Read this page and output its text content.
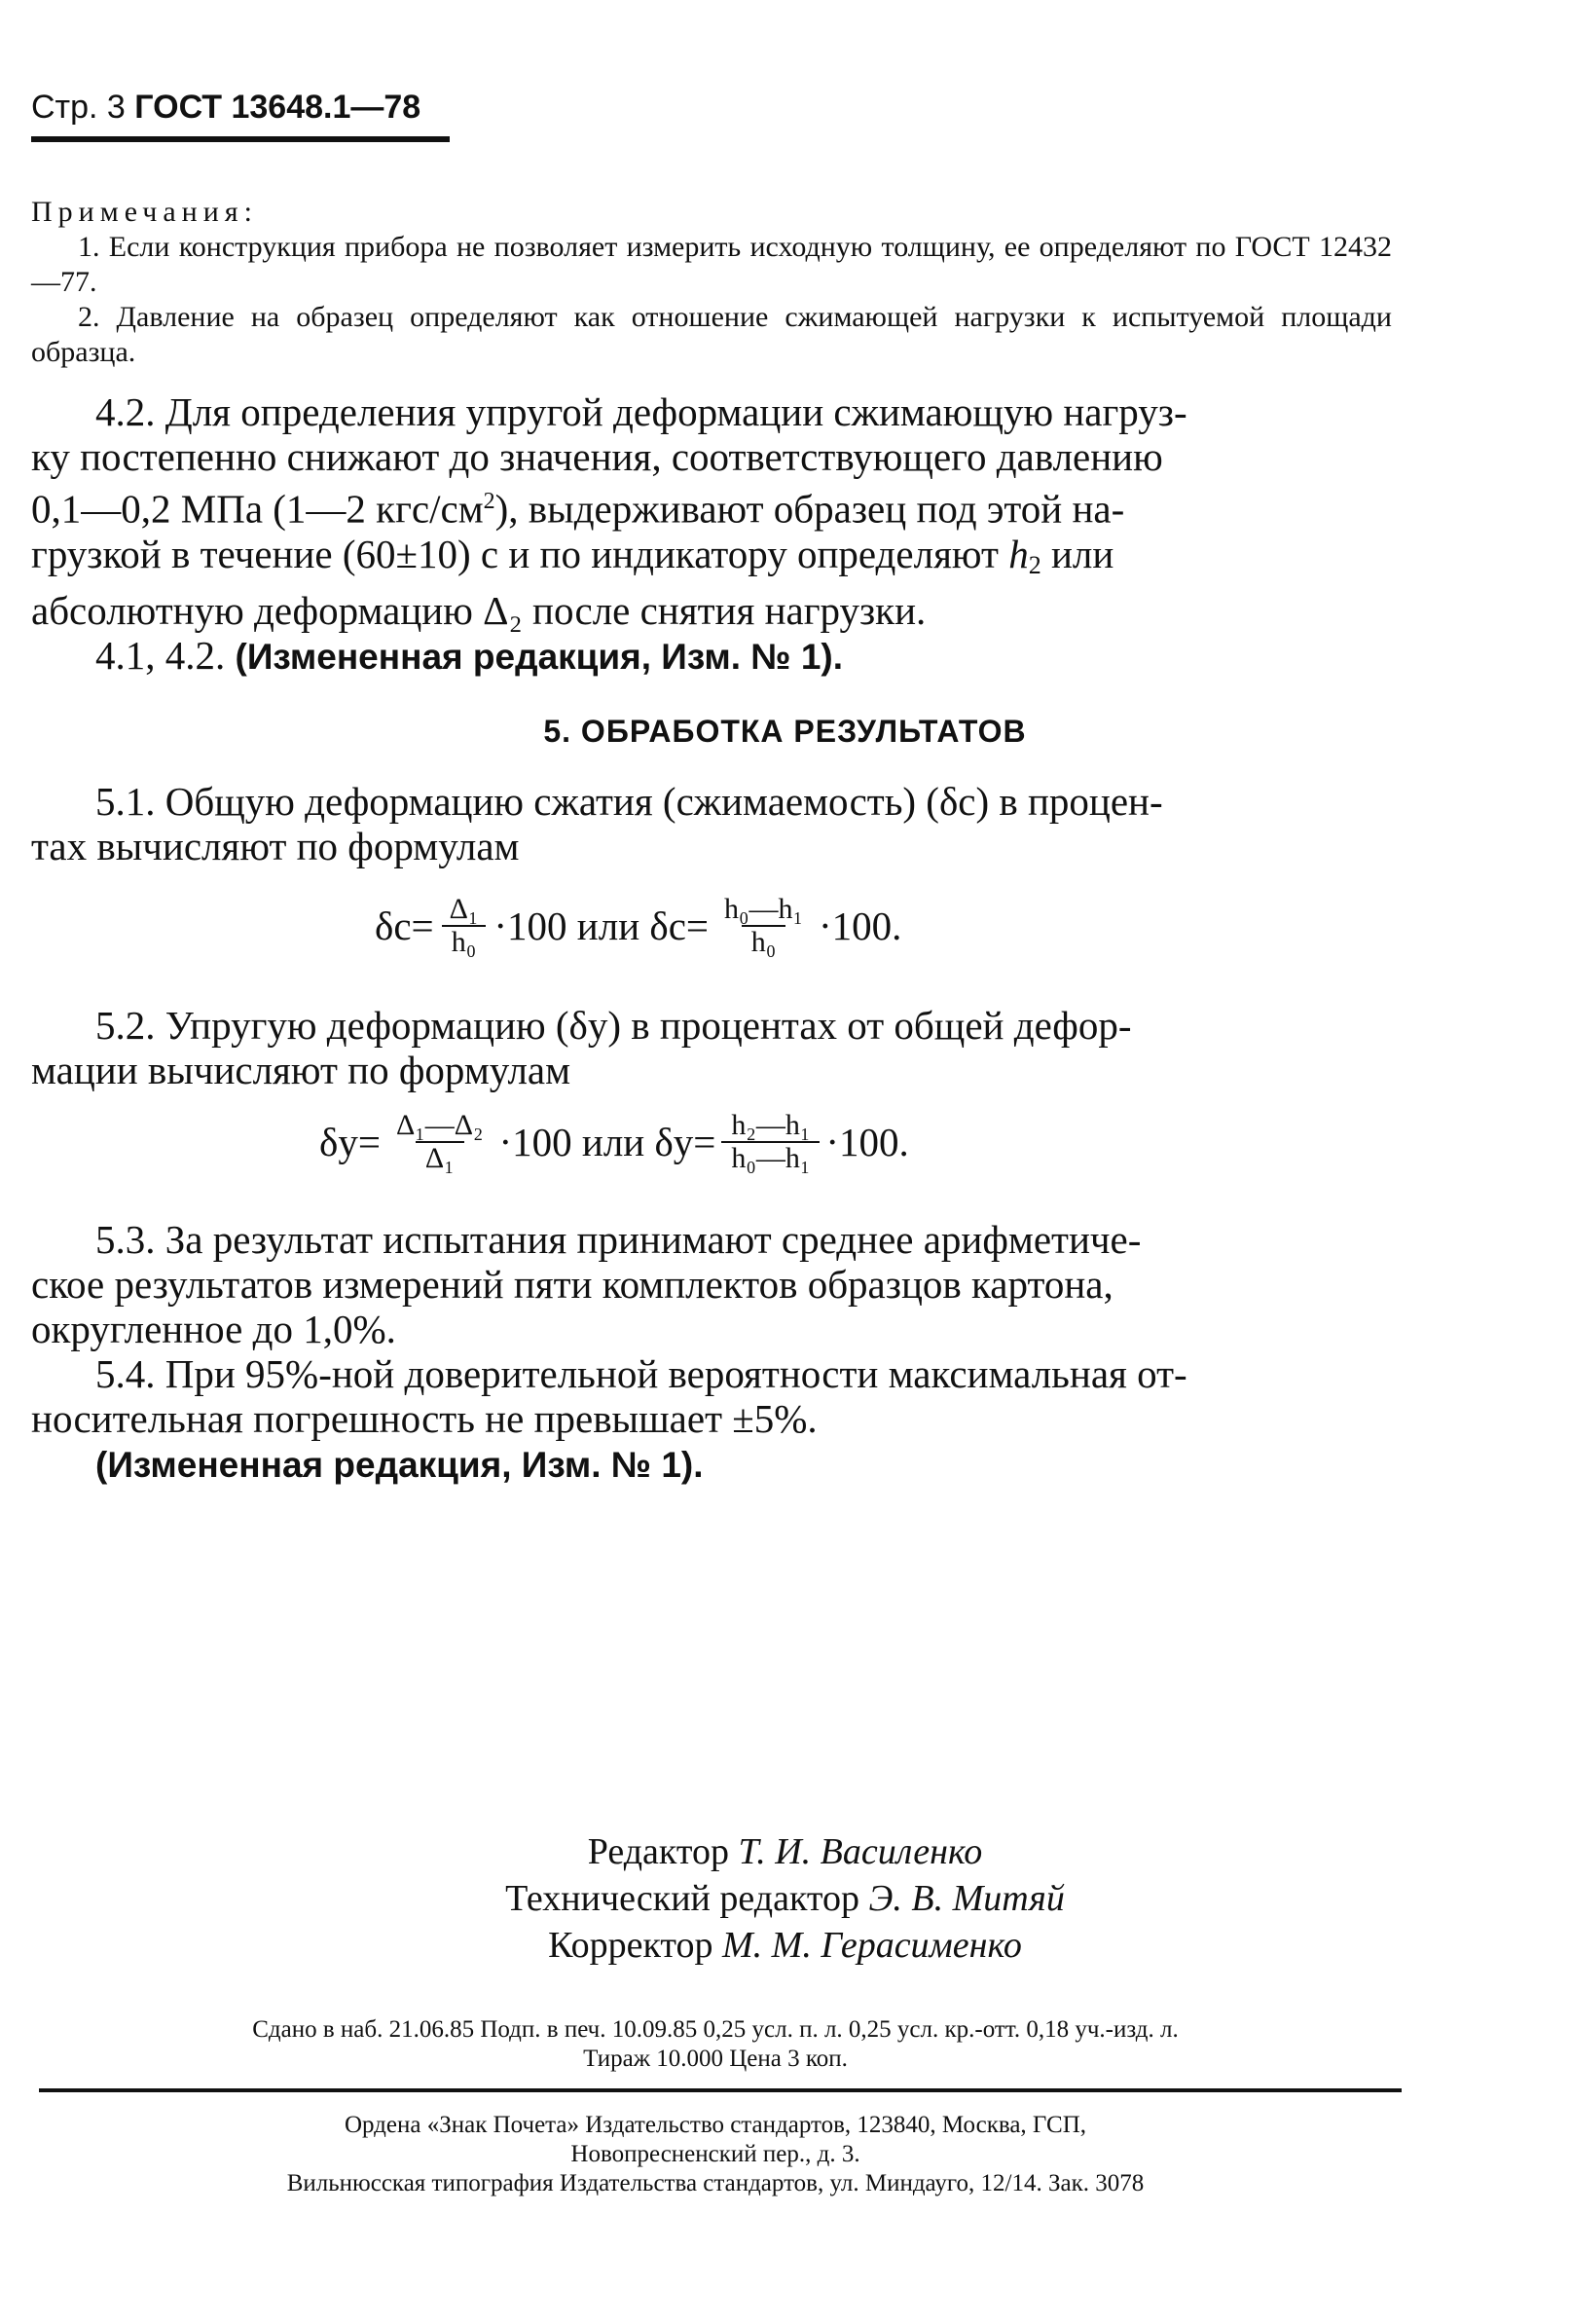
Стр. 3 ГОСТ 13648.1—78
Примечания:
1. Если конструкция прибора не позволяет измерить исходную толщину, ее определяют по ГОСТ 12432—77.
2. Давление на образец определяют как отношение сжимающей нагрузки к испытуемой площади образца.

4.2. Для определения упругой деформации сжимающую нагруз-

ку постепенно снижают до значения, соответствующего давлению

0,1—0,2 МПа (1—2 кгс/$см^2$), выдерживают образец под этой на-

грузкой в течение (60±10) с и по индикатору определяют $h_2$ или

абсолютную деформацию Δ₂ после снятия нагрузки.

4.1, 4.2. (Измененная редакция, Изм. № 1).

5. ОБРАБОТКА РЕЗУЛЬТАТОВ

5.1. Общую деформацию сжатия (сжимаемость) (δc) в процен-

тах вычисляют по формулам

$\delta c= \frac{\text{Δ₁}}{\text{h₀}} \cdot 100$ или $\delta c= \frac{\text{h₀—h₁}}{\text{h₀}} \cdot 100$.

5.2. Упругую деформацию (δy) в процентах от общей дефор-

мации вычисляют по формулам

$\delta y= \frac{\text{Δ₁—Δ₂}}{\text{Δ₁}} \cdot 100$ или $\delta y= \frac{\text{h₂—h₁}}{\text{h₀—h₁}} \cdot 100$.

5.3. За результат испытания принимают среднее арифметиче-

ское результатов измерений пяти комплектов образцов картона,

округленное до 1,0%.

5.4. При 95%-ной доверительной вероятности максимальная от-

носительная погрешность не превышает ±5%.

(Измененная редакция, Изм. № 1).

Редактор Т. И. Василенко
Технический редактор Э. В. Митяй
Корректор М. М. Герасименко
Сдано в наб. 21.06.85 Подп. в печ. 10.09.85 0,25 усл. п. л. 0,25 усл. кр.-отт. 0,18 уч.-изд. л.
Тираж 10.000 Цена 3 коп.
Ордена «Знак Почета» Издательство стандартов, 123840, Москва, ГСП,
Новопресненский пер., д. 3.
Вильнюсская типография Издательства стандартов, ул. Миндауго, 12/14. Зак. 3078
